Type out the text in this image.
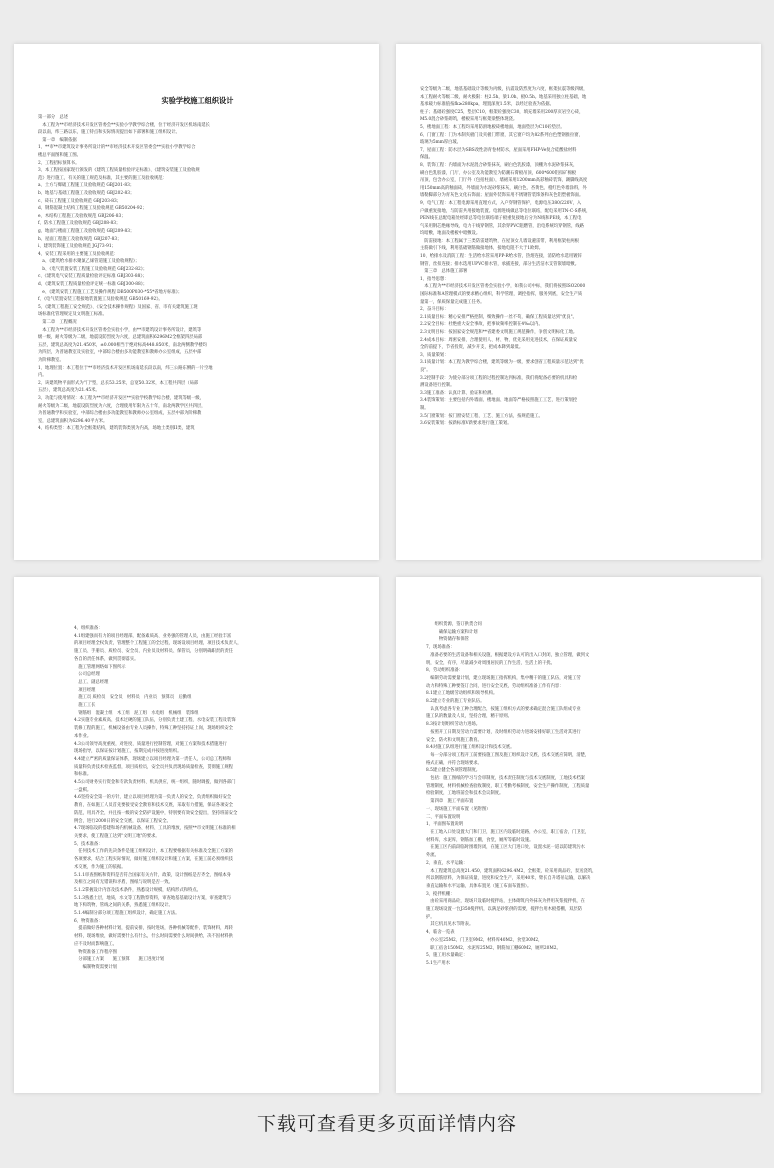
实验学校施工组织设计
第一部分　总述
　本工程为**市经济技术开发区管委会**实验小学教学综合楼，位于经济开发区机场南延长
段以南，纬三路以东，施工特点和实际情况提出如下部署和施工组织设计。
　第一章　编制依据
1、**市**市建筑设计事务所设计的**市经济技术开发区管委会**实验小学教学综合
楼总平面图和施工图。
2、工程招标预算书。
3、本工程按国家现行颁发的《建筑工程质量检验评定标准》、《建筑安装施工及验收规
范》进行施工，有关的施工规范及标准，其主要的施工及验收规范：
a、土方与爆破工程施工及验收规范 GBJ201-83；
b、地基与基础工程施工及验收规范 GBJ202-83；
c、砖石工程施工及验收规范 GBJ203-83；
d、钢筋混凝土结构工程施工及验收规范 GB50204-92；
e、木结构工程施工及验收规范 GBJ206-83；
f、防水工程施工及验收规范 GBJ208-83；
g、地面与楼面工程施工及验收规范 GBJ209-83；
h、屋面工程施工及验收规范 GBJ207-83；
i、建筑装饰施工及验收规范 JGJ73-91；
4、安装工程采用的主要施工及验收规范：
　a、《建筑给水排水聚氯乙烯管道施工及验收规程》；
　b、《电气装置安装工程施工及验收规范 GBJ232-82》；
c、《建筑电气安装工程质量检验评定标准 GBJ303-88》；
d、《建筑安装工程质量检验评定统一标准 GBJ300-88》；
　e、《建筑安装工程施工工艺及操作规程 DB500P030-*55*省地方标准》；
f、《电气装置安装工程接地装置施工及验收规范 GB50169-92》。
5、《建筑工程施工安全规范》、《安全技术操作规程》及国家、省、市有关建筑施工现
场标准化管理规定及文明施工标准。
　第二章　工程概况
　本工程为**市经济技术开发区管委会实验小学，由**市建筑设计事务所设计，建筑等
级一级，耐火等级为二级，地震设防烈度为六度，总建筑面积6296M2全框架四层局部
五层，建筑总高度为21.450米，±0.000相当于绝对标高448.850米，南北两侧教学楼均
为四层，为普通教室及实验室，中部综合楼由多功能教室和教师办公室组成，五层中部
为阶梯教室。
1、地理位置：本工程位于**市经济技术开发区机场南延长段以南，纬三公路东侧的一片空地
内。
2、该建筑物平面形式为"门"型，总长53.25米，总宽50.32米，本工程共四层（局部
五层），建筑总高度为21.45米。
3、功能与使用情况：本工程为**市经济开发区**实验学校教学综合楼，建筑等级一级，
耐火等级为二级，地震设防烈度为六度，合理使用年限为五十年，南北两教学区共四层，
为普通教学和实验室，中部综合楼由多功能教室和教师办公室组成，五层中部为阶梯教
室，总建筑面积为6296.40平方米。
4、结构类型：本工程为全框架结构，建筑装饰类别为内高，场地土类别II类，建筑
安全等级为二级，地基基础设计等级为丙级，抗震设防烈度为六度，框架抗震等级四级，
本工程耐火等级二级，耐火极限：柱2.5h，梁1.0h，板0.5h。地基采用独立柱基础，地
基承载力标准值按fk≥280kpa，埋置深度1.5米，以经过验查为依据。
柱子；基础砼强度C25，垫层C10，框架砼强度C30，填充墙采用200厚页岩空心砖，
M5.0混合砂浆砌筑，楼板采用与框架梁整体现浇。
5、楼地面工程：本工程均采用防滑地板砖楼地面，地面垫层为C10砼垫层。
6、门窗工程：门为木制夹板门及夹板门带窗，其它窗户均为82系列白色塑钢推拉窗，
玻璃为5mm厚白玻。
7、屋面工程：防水层为SBS改性沥青卷材防水，屋面采用FHP-Ve复合硅酸盐材料
保温。
8、装饰工程：内墙面为水泥混合砂浆抹灰，刷白色乳胶漆，顶棚为水泥砂浆抹灰，
刷白色乳胶漆，门厅、办公室及功能教室为防潮石膏板吊顶，600*600铝扣矿棉板
吊顶，包含办公室，门厅外（包括柱面），墙裙采用1200mm高彩釉砖装饰，踢脚线高度
用150mm高的釉面砖，外墙面为水泥砂浆抹灰，刷白色、杏黄色、橙红色外墙涂料，外
墙勒脚部分为青灰色文化石饰面；屋面外装饰采用不锈钢管装饰条和灰色铝塑板饰面。
9、电气工程：本工程电源采用直埋方式，入户穿钢管保护，电源电压380/220V，入
户做重复接地，与防雷共用接地装置。电源进线做总等电位联结，配电采用TN-C-S系统，
PEN线在总配电箱处经即总等电位联结端子板重复接地后分为N线和PE线，本工程电
气采用钢芯绝缘导线，电力干线穿钢管，其余穿PVC阻燃管，沿电系统均穿钢管，线路
均暗敷，地面及楼板中暗敷设。
　防雷接地：本工程属于三类防雷建筑物，在屋顶女儿墙设避雷带，利用框架柱两根
主筋做引下线，利用基础钢筋做接地体，接地电阻不大于1欧姆。
10、给排水及消防工程：生活给水管采用PP-R给水管，热熔连接，消防给水选用镀锌
钢管，丝扣连接；排水选用UPVC排水管，承插连接，部分生活洁水支管嵌墙暗敷。
　第三章　总体施工部署
1、指导思想：
　本工程为**市经济技术开发区管委会实验小学，如我公司中标，我们将按照ISO2000
国际标准和A管理模式的要求精心组织，科学管理，调控指挥，服务到底，安全生产质
量第一，保质保量完成施工任务。
2、奋斗目标：
2.1质量目标：精心安排严格控制，细致操作一丝不苟，确保工程质量达到"优良"。
2.2安全目标：杜绝重大安全事故，把事故频率控制在4‰以内。
2.3文明目标：按国家安全规范和**省建委文明施工规范操作，争创文明标化工地。
2.4成本目标：周密安排，合理使用人、材、物，优先采用先进技术，在保证质量安
全的前提下，节省投资，减少开支，把成本降到最低。
3、质量策划：
3.1质量计划：本工程为教学综合楼，建筑等级为一级，要求创省工程质量示范达到"优
良"。
3.2控制手段：为使分部分项工程的过程控制达到标准，我们将配备必要的机具和检
测设备进行控制。
3.3施工准备：认真计算、验证和检测。
3.4装饰策划：主要包括内外墙面、楼地面、地面等严格按照施工工艺，进行策划控
制。
3.5门窗策划：按门窗安装工程、工艺、施工方法，按规范施工。
3.6安装策划：按新标准V新要求进行施工策划。
4、组织准备：
4.1组建强而有力的项目经理部，配备素质高、业务强的管理人员，由施工经验丰富
的项目经理全权负责，管理整个工程施工的全过程，现场设项目经理，项目技术负责人，
施工员、手册员、质检员、安全员、内业员及材料员、保管员，分别明确职责的责任
各自的责任体系，做到贯彻落实。
　施工管理网络如下图所示
　公司总经理
　总工、副总经理
　项目经理
　施工员 质检员　安全员　材料员　内业员　预算员　后勤组
　施工工长
　钢筋组　混凝土组　木工组　泥工组　水电组　机械组　装饰组
4.2实施专业素质高、技术过硬的施工队伍，分别负责土建工程、水电安装工程及装饰
装修工程的施工，机械设备由专业人员操作，特殊工种坚持持证上岗，现场组织安全
本作业。
4.3公司领导高度重视，对进度、质量进行控制管理，对施工方案和技术措施进行
现场指导，以保证按计划施工，按期完成并按进度组织。
4.4建立严密的质量保证体系，现场建立以项目经理为第一责任人，公司总工程师和
质量科负责技术检查监督，项目质检员，安全员共负责现场质量检查，贯彻施工规程
和标准。
4.5公司财务实行资金和专款负责材料、机具供应，统一组织，随时调拨，做到各部门
一盘棋。
4.6坚持安全第一的方针，建立以项目经理为第一负责人的安全，负责组织做好安全
教育，在如施工人员首先要接受安全教育和技术交底，采取有力措施，保证各项安全
防范，用具齐全，并且按一级的安全防护设施中，特别要有效安全提出，坚持班前安全
例会，进行2000日的安全交底，以保证工程安全。
4.7现场临设的搭建和场内机械设备、材料、工具的堆放，按照**市文明施工标准的相
关要求，使工程施工达到"文明工地"的要求。
5、技术准备：
　任何技术工作的先决条件是施工组织设计，本工程要根据有关标准及全施工方案的
各项要求，结合工程实际情况，做好施工组织设计和施工方案，在施工前必须组织技
术交底，作为施工的依据。
5.1.1审查图纸和资料是否符合国家有关方针，政策，设计图纸是否齐全，图纸本身
及相互之间有无错误和矛盾，图纸与说明是否一致。
5.1.2掌握设计内容及技术条件，熟悉设计规模，结构形式和特点。
5.1.3熟悉土层，地质，水文等工程勘察资料，审查地基基础设计方案，审查建筑与
地下构筑物，管线之间的关系，熟悉施工组织设计。
5.1.4编制分部分项工程施工组织设计，确定施工方法。
6、物资准备：
　提前做好各种材料计划，提前安排，按时进场，各种机械等配件，装饰材料，周转
材料，现场堆放，做好需要什么有什么，什么时间需要什么时间供给，决不因材料供
应不及时而影响施工。
　物资准备工作程序图
　分部施工方案　　施工预算　　施工进度计划
　　编制物资需要计划
　　组织货源，签订供货合同
　　　确保运输方案和计划
　　　物资储存和保管
7、现场准备：
　准备必要的生活设备和相关设施，根据建设方认可的出入口封闭，独立管理，做到文
明，安全，有序，尽量减少对周围居民的工作生活，生活上的干扰。
8、劳动组织准备：
　编制劳动需要量计划，建立现场施工指挥机构，集中精干的施工队伍，对施工劳
动力和特殊工种要签订合同，进行安全交底，劳动组织准备工作有内容：
8.1建立工地级劳动组织和领导机构。
8.2建立专业的施工专业队伍。
　认真考虑各专业工种合理配合，按施工组织方式的要求确定混合施工队组成专业
施工队的数量及人员，坚持合理，精干原则。
8.3按计划组织劳动力进场。
　按照开工日期及劳动力需要计划，及时组织劳动力进场安排好职工生活对其进行
安全、防火和文明施工教育。
8.4对施工队组进行施工组织设计和技术交底。
　每一分部分项工程开工前要按施工图及施工组织设计交底，技术交底应简明，清楚，
格式正确，并符合现场要求。
8.5建立健全各项管理制度。
　包括：施工图纸的学习与会审制度，技术责任制度与技术交底制度，工地技术档案
管理制度，材料机械检查验收制度，职工考勤考核制度，安全生产操作制度，工程质量
检验制度，工地班前会和技术会议制度。
　第四章　施工平面布置
一、现场施工平面布置（见附图）
二、平面布置说明
1、平面图布置说明
　在工地入口处设置大门和门卫，施工区内设临时道路，办公室，职工宿舍，门卫室，
材料库，水泥库，钢筋加工棚，食堂，厕所等临时设施。
　在施工区内前段临时围墙封闭，在施工区大门进口处，设置水泥一道以防建筑污水
外流。
2、垂直，水平运输：
　本工程建筑总高度21.450，建筑面积6296.4M2，全框架，砼采用商品砼，泵送浇筑，
所以钢筋原料，为保证质量，进度和安全生产，采用40米，臂长自升塔吊运输，以解决
垂直运输和水平运输，具体布置见（施工布面布置图）。
3、搅拌机棚：
　由砼采用商品砼，现场只设临时搅拌站，主体砌筑内外抹灰为拌用灰浆搅拌机，在
施工现场设置一台J350搅拌机，以满足砂浆供的需要，搅拌台用木板搭棚，双层防
护。
　其它机具见水节附表。
4、临舍一览表
　办公室25M2，门卫室9M2，材料库40M2，食堂30M2，
　职工宿舍150M2，水泥库25M2，钢筋加工棚60M2，厕所20M2。
5、施工用水量确定：
5.1生产用水
下载可查看更多页面详情内容
